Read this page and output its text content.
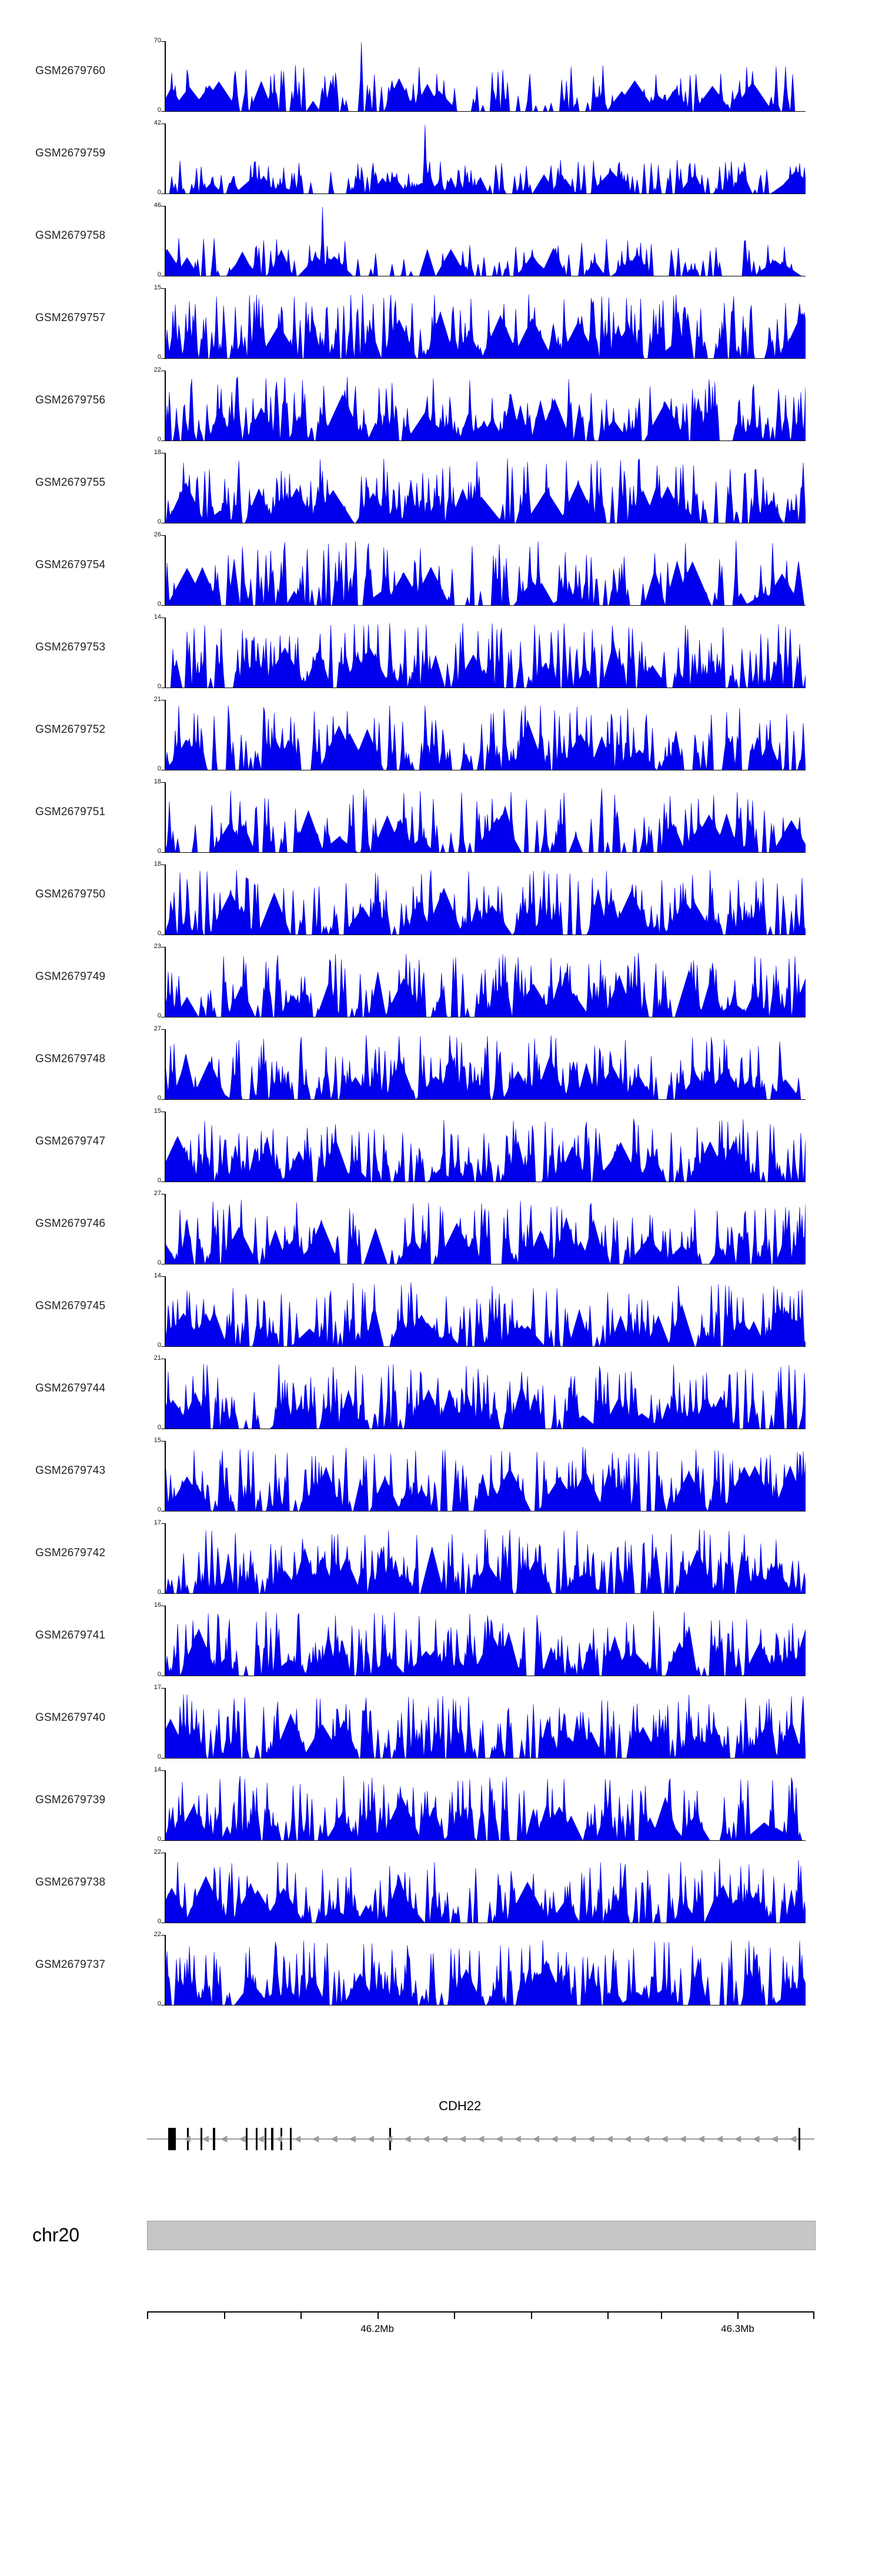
GSM2679760
70
0
GSM2679759
42
0
GSM2679758
46
0
GSM2679757
15
0
GSM2679756
22
0
GSM2679755
18
0
GSM2679754
26
0
GSM2679753
14
0
GSM2679752
21
0
GSM2679751
18
0
GSM2679750
18
0
GSM2679749
23
0
GSM2679748
27
0
GSM2679747
15
0
GSM2679746
27
0
GSM2679745
14
0
GSM2679744
21
0
GSM2679743
15
0
GSM2679742
17
0
GSM2679741
16
0
GSM2679740
17
0
GSM2679739
14
0
GSM2679738
22
0
GSM2679737
22
0
CDH22
◀ ◀ ◀ ◀ ◀ ◀ ◀ ◀ ◀ ◀ ◀ ◀ ◀ ◀ ◀ ◀ ◀ ◀ ◀ ◀ ◀ ◀ ◀ ◀ ◀ ◀ ◀ ◀ ◀ ◀ ◀ ◀ ◀ ◀
chr20
46.2Mb	46.3Mb
